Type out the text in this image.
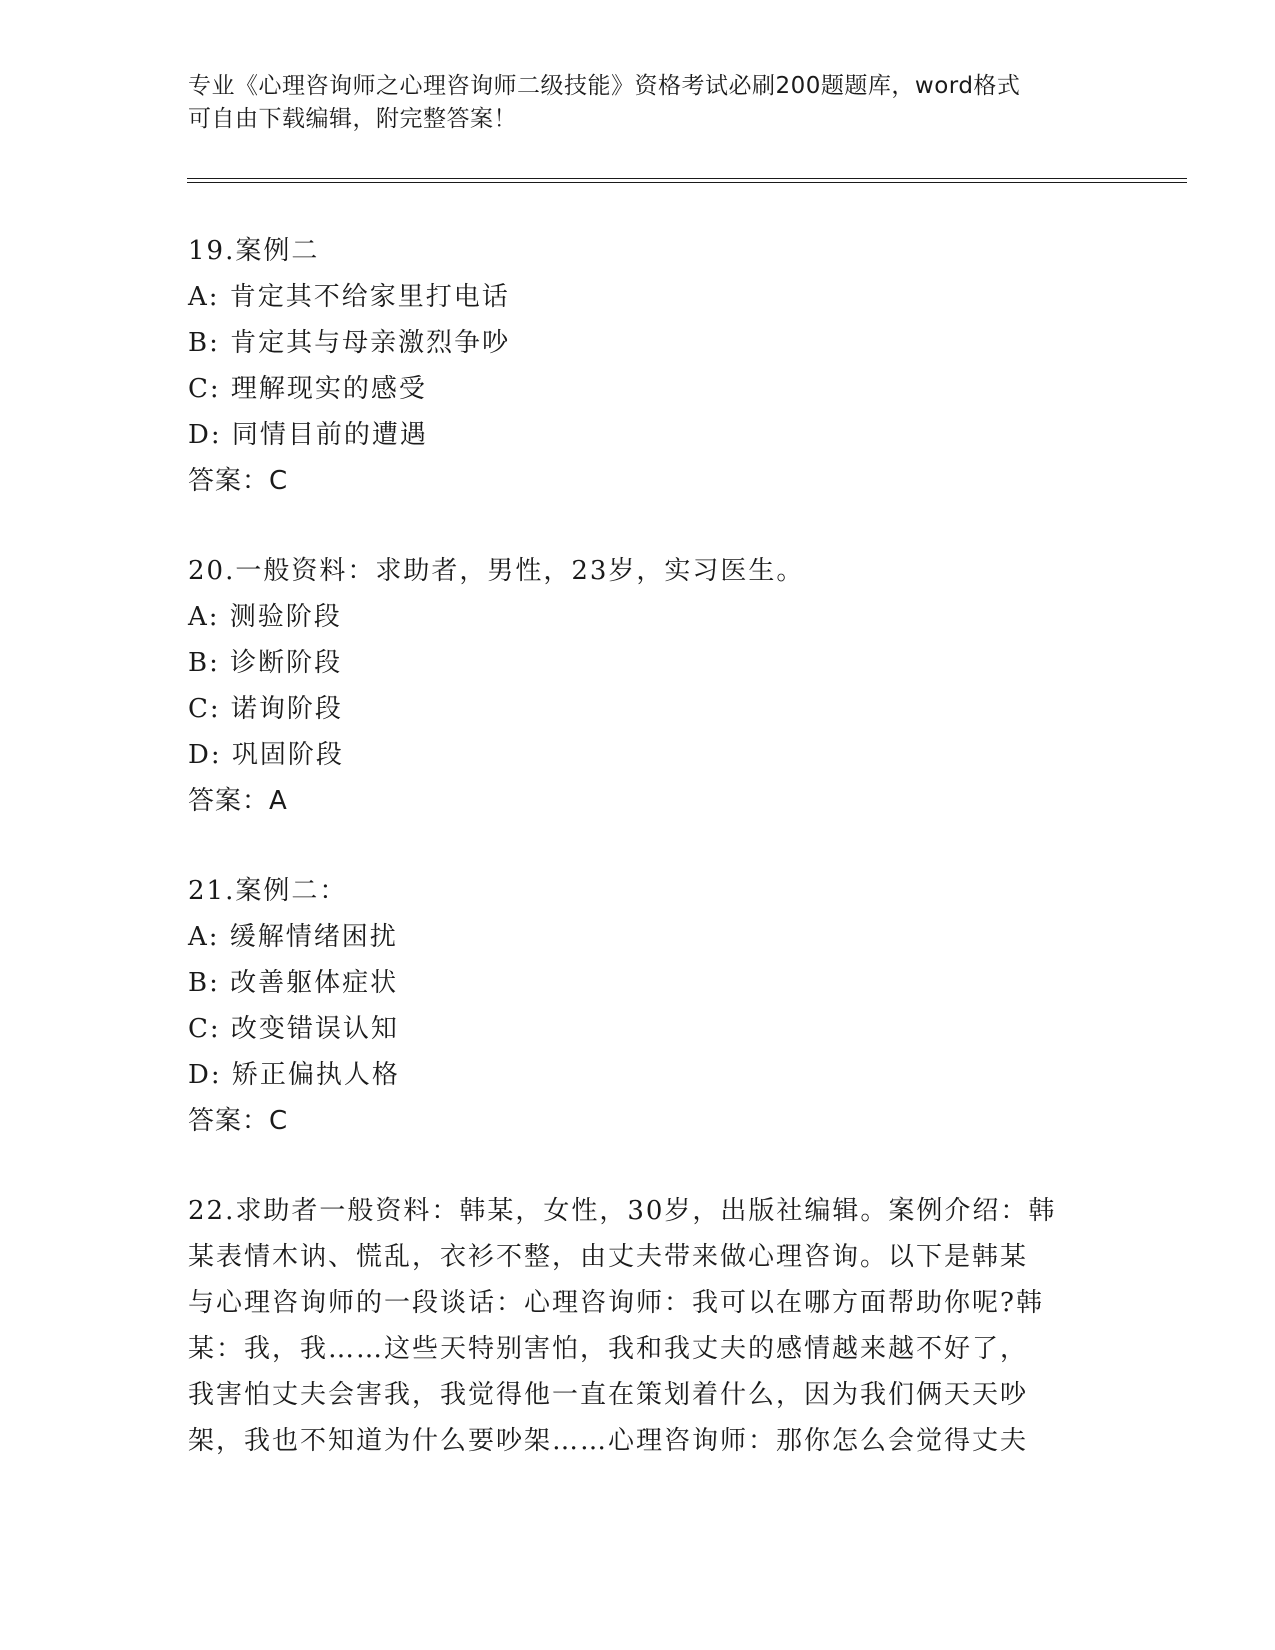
专业《心理咨询师之心理咨询师二级技能》资格考试必刷200题题库，word格式
可自由下载编辑，附完整答案！
19.案例二
A: 肯定其不给家里打电话
B: 肯定其与母亲激烈争吵
C: 理解现实的感受
D: 同情目前的遭遇
答案：C
20.一般资料：求助者，男性，23岁，实习医生。
A: 测验阶段
B: 诊断阶段
C: 诺询阶段
D: 巩固阶段
答案：A
21.案例二：
A: 缓解情绪困扰
B: 改善躯体症状
C: 改变错误认知
D: 矫正偏执人格
答案：C
22.求助者一般资料：韩某，女性，30岁，出版社编辑。案例介绍：韩
某表情木讷、慌乱，衣衫不整，由丈夫带来做心理咨询。以下是韩某
与心理咨询师的一段谈话：心理咨询师：我可以在哪方面帮助你呢?韩
某：我，我……这些天特别害怕，我和我丈夫的感情越来越不好了，
我害怕丈夫会害我，我觉得他一直在策划着什么，因为我们俩天天吵
架，我也不知道为什么要吵架……心理咨询师：那你怎么会觉得丈夫
